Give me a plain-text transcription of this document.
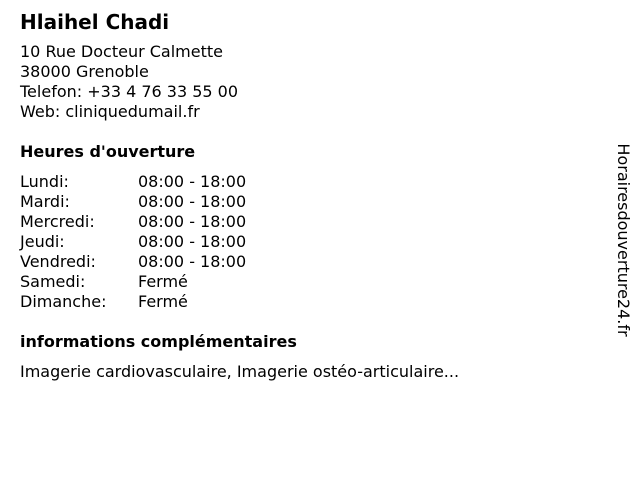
Hlaihel Chadi
10 Rue Docteur Calmette
38000 Grenoble
Telefon: +33 4 76 33 55 00
Web: cliniquedumail.fr
Heures d'ouverture
Lundi:	08:00 - 18:00
Mardi:	08:00 - 18:00
Mercredi:	08:00 - 18:00
Jeudi:	08:00 - 18:00
Vendredi:	08:00 - 18:00
Samedi:	Fermé
Dimanche:	Fermé
informations complémentaires
Imagerie cardiovasculaire, Imagerie ostéo-articulaire...
Horairesdouverture24.fr
